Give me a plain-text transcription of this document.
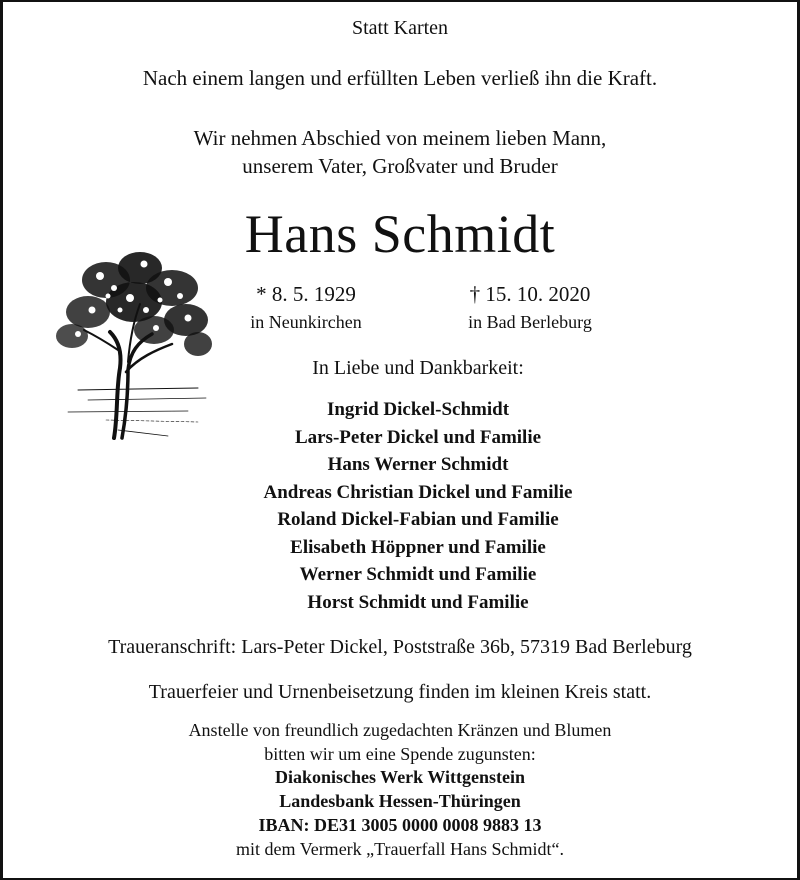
Statt Karten
Nach einem langen und erfüllten Leben verließ ihn die Kraft.
Wir nehmen Abschied von meinem lieben Mann,
unserem Vater, Großvater und Bruder
Hans Schmidt
* 8. 5. 1929
in Neunkirchen
† 15. 10. 2020
in Bad Berleburg
In Liebe und Dankbarkeit:
Ingrid Dickel-Schmidt
Lars-Peter Dickel und Familie
Hans Werner Schmidt
Andreas Christian Dickel und Familie
Roland Dickel-Fabian und Familie
Elisabeth Höppner und Familie
Werner Schmidt und Familie
Horst Schmidt und Familie
Traueranschrift: Lars-Peter Dickel, Poststraße 36b, 57319 Bad Berleburg
Trauerfeier und Urnenbeisetzung finden im kleinen Kreis statt.
Anstelle von freundlich zugedachten Kränzen und Blumen
bitten wir um eine Spende zugunsten:
Diakonisches Werk Wittgenstein
Landesbank Hessen-Thüringen
IBAN: DE31 3005 0000 0008 9883 13
mit dem Vermerk „Trauerfall Hans Schmidt“.
